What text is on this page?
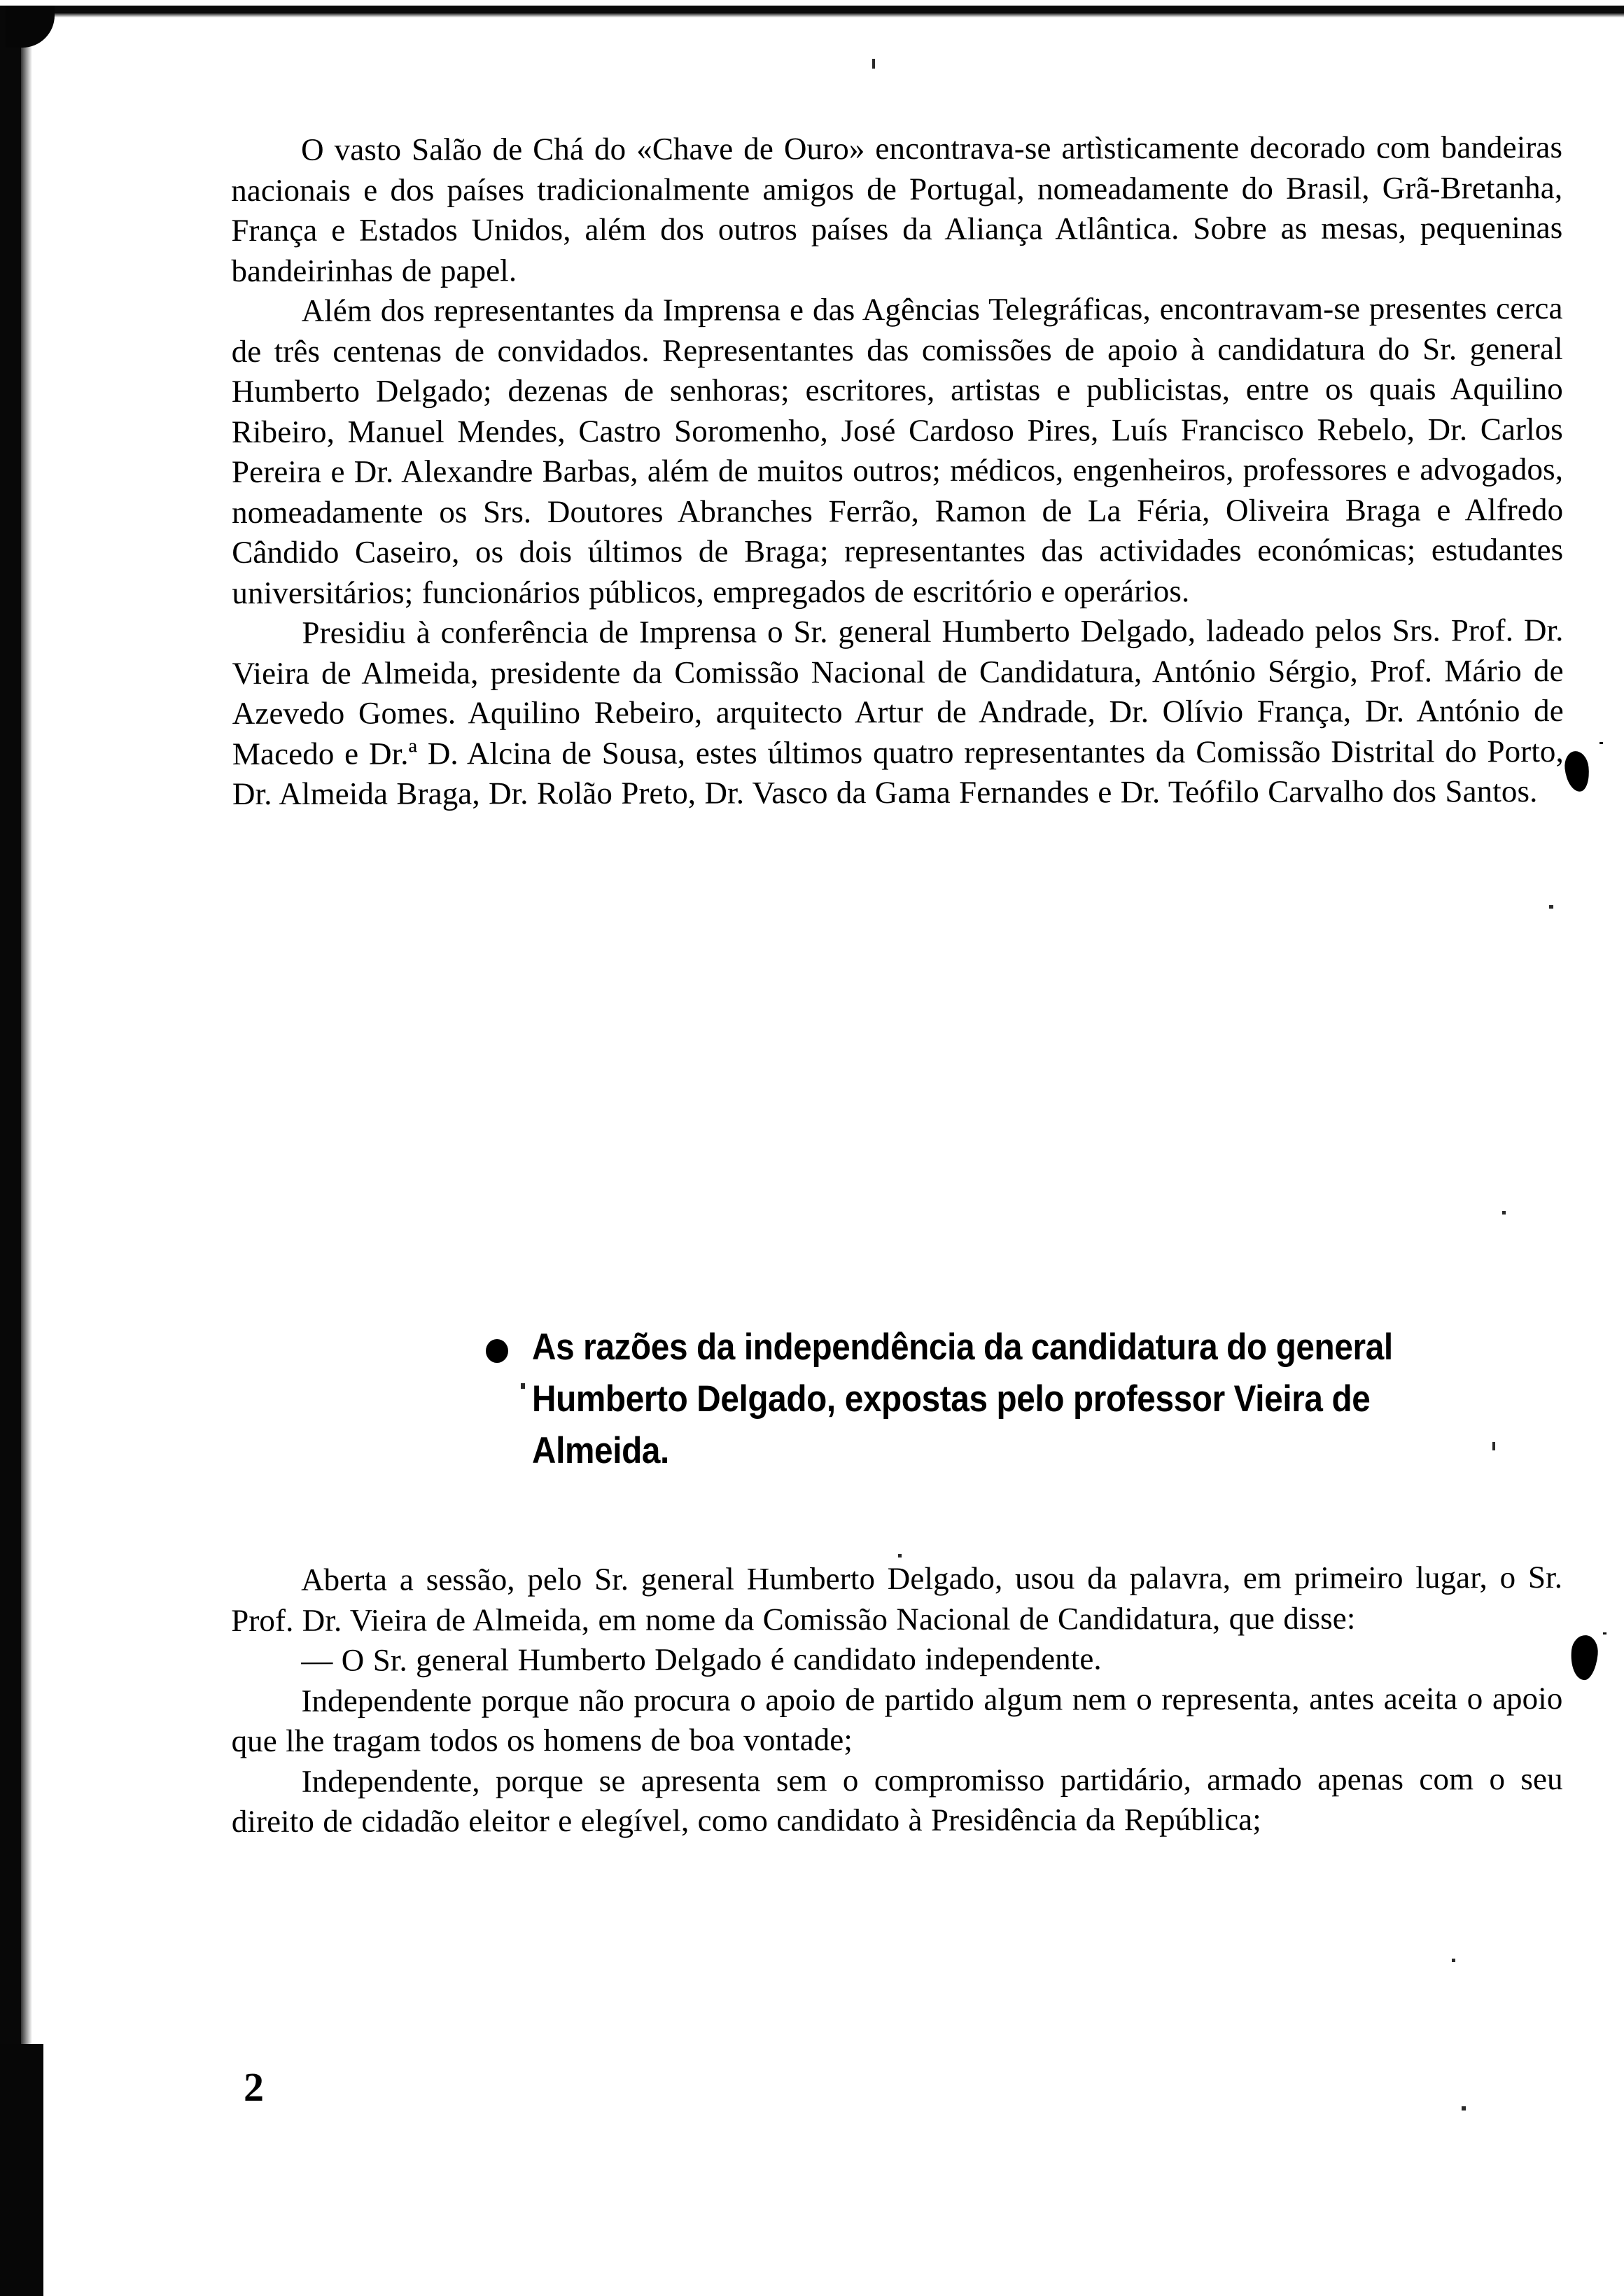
O vasto Salão de Chá do «Chave de Ouro» encontrava-se artìsticamente decorado com bandeiras nacionais e dos países tradicionalmente amigos de Portugal, nomeadamente do Brasil, Grã-Bretanha, França e Estados Unidos, além dos outros países da Aliança Atlântica. Sobre as mesas, pequeninas bandeirinhas de papel.

Além dos representantes da Imprensa e das Agências Telegráficas, encontravam-se presentes cerca de três centenas de convidados. Representantes das comissões de apoio à candidatura do Sr. general Humberto Delgado; dezenas de senhoras; escritores, artistas e publicistas, entre os quais Aquilino Ribeiro, Manuel Mendes, Castro Soromenho, José Cardoso Pires, Luís Francisco Rebelo, Dr. Carlos Pereira e Dr. Alexandre Barbas, além de muitos outros; médicos, engenheiros, professores e advogados, nomeadamente os Srs. Doutores Abranches Ferrão, Ramon de La Féria, Oliveira Braga e Alfredo Cândido Caseiro, os dois últimos de Braga; representantes das actividades económicas; estudantes universitários; funcionários públicos, empregados de escritório e operários.

Presidiu à conferência de Imprensa o Sr. general Humberto Delgado, ladeado pelos Srs. Prof. Dr. Vieira de Almeida, presidente da Comissão Nacional de Candidatura, António Sérgio, Prof. Mário de Azevedo Gomes. Aquilino Rebeiro, arquitecto Artur de Andrade, Dr. Olívio França, Dr. António de Macedo e Dr.ª D. Alcina de Sousa, estes últimos quatro representantes da Comissão Distrital do Porto, Dr. Almeida Braga, Dr. Rolão Preto, Dr. Vasco da Gama Fernandes e Dr. Teófilo Carvalho dos Santos.

As razões da independência da candidatura do general Humberto Delgado, expostas pelo professor Vieira de Almeida.

Aberta a sessão, pelo Sr. general Humberto Delgado, usou da palavra, em primeiro lugar, o Sr. Prof. Dr. Vieira de Almeida, em nome da Comissão Nacional de Candidatura, que disse:

— O Sr. general Humberto Delgado é candidato independente.

Independente porque não procura o apoio de partido algum nem o representa, antes aceita o apoio que lhe tragam todos os homens de boa vontade;

Independente, porque se apresenta sem o compromisso partidário, armado apenas com o seu direito de cidadão eleitor e elegível, como candidato à Presidência da República;

2
